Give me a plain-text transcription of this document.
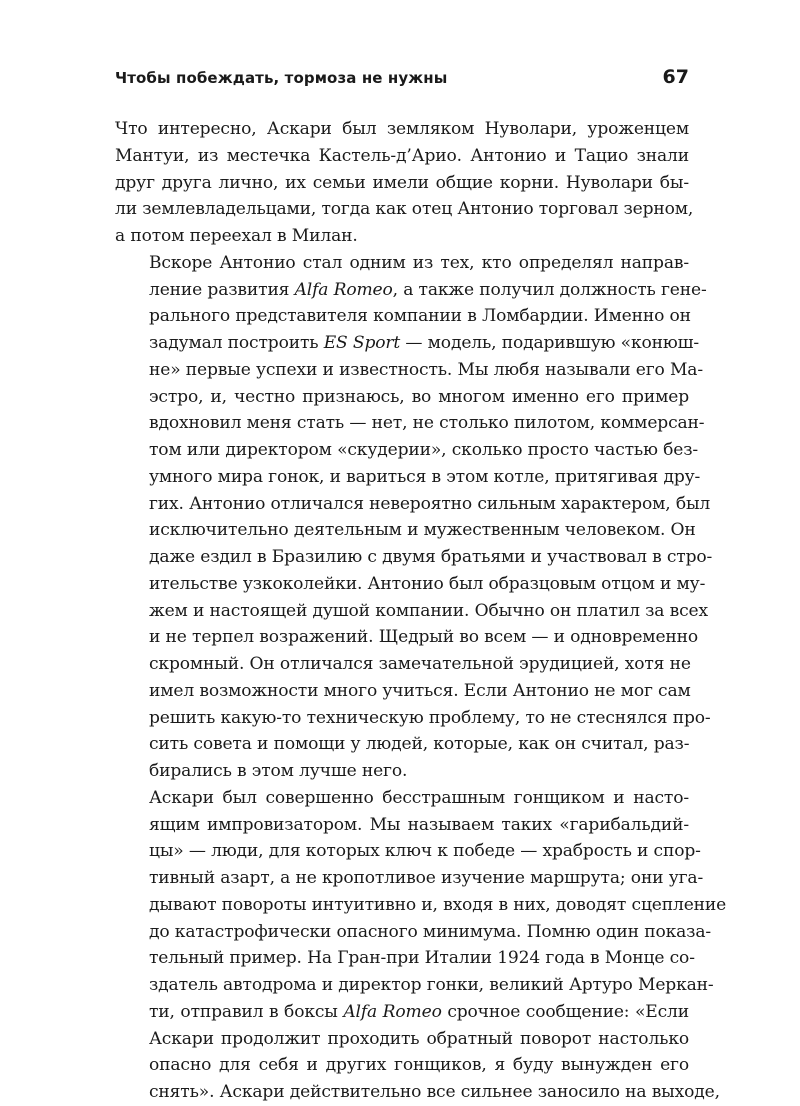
Чтобы побеждать, тормоза не нужны	67

Что интересно, Аскари был земляком Нуволари, уроженцем
Мантуи, из местечка Кастель-д’Арио. Антонио и Тацио знали
друг друга лично, их семьи имели общие корни. Нуволари бы-
ли землевладельцами, тогда как отец Антонио торговал зерном,
а потом переехал в Милан.

Вскоре Антонио стал одним из тех, кто определял направ-
ление развития Alfa Romeo, а также получил должность гене-
рального представителя компании в Ломбардии. Именно он
задумал построить ES Sport — модель, подарившую «конюш-
не» первые успехи и известность. Мы любя называли его Ма-
эстро, и, честно признаюсь, во многом именно его пример
вдохновил меня стать — нет, не столько пилотом, коммерсан-
том или директором «скудерии», сколько просто частью без-
умного мира гонок, и вариться в этом котле, притягивая дру-
гих. Антонио отличался невероятно сильным характером, был
исключительно деятельным и мужественным человеком. Он
даже ездил в Бразилию с двумя братьями и участвовал в стро-
ительстве узкоколейки. Антонио был образцовым отцом и му-
жем и настоящей душой компании. Обычно он платил за всех
и не терпел возражений. Щедрый во всем — и одновременно
скромный. Он отличался замечательной эрудицией, хотя не
имел возможности много учиться. Если Антонио не мог сам
решить какую-то техническую проблему, то не стеснялся про-
сить совета и помощи у людей, которые, как он считал, раз-
бирались в этом лучше него.

Аскари был совершенно бесстрашным гонщиком и насто-
ящим импровизатором. Мы называем таких «гарибальдий-
цы» — люди, для которых ключ к победе — храбрость и спор-
тивный азарт, а не кропотливое изучение маршрута; они уга-
дывают повороты интуитивно и, входя в них, доводят сцепление
до катастрофически опасного минимума. Помню один показа-
тельный пример. На Гран-при Италии 1924 года в Монце со-
здатель автодрома и директор гонки, великий Артуро Меркан-
ти, отправил в боксы Alfa Romeo срочное сообщение: «Если
Аскари продолжит проходить обратный поворот настолько
опасно для себя и других гонщиков, я буду вынужден его
снять». Аскари действительно все сильнее заносило на выходе,
